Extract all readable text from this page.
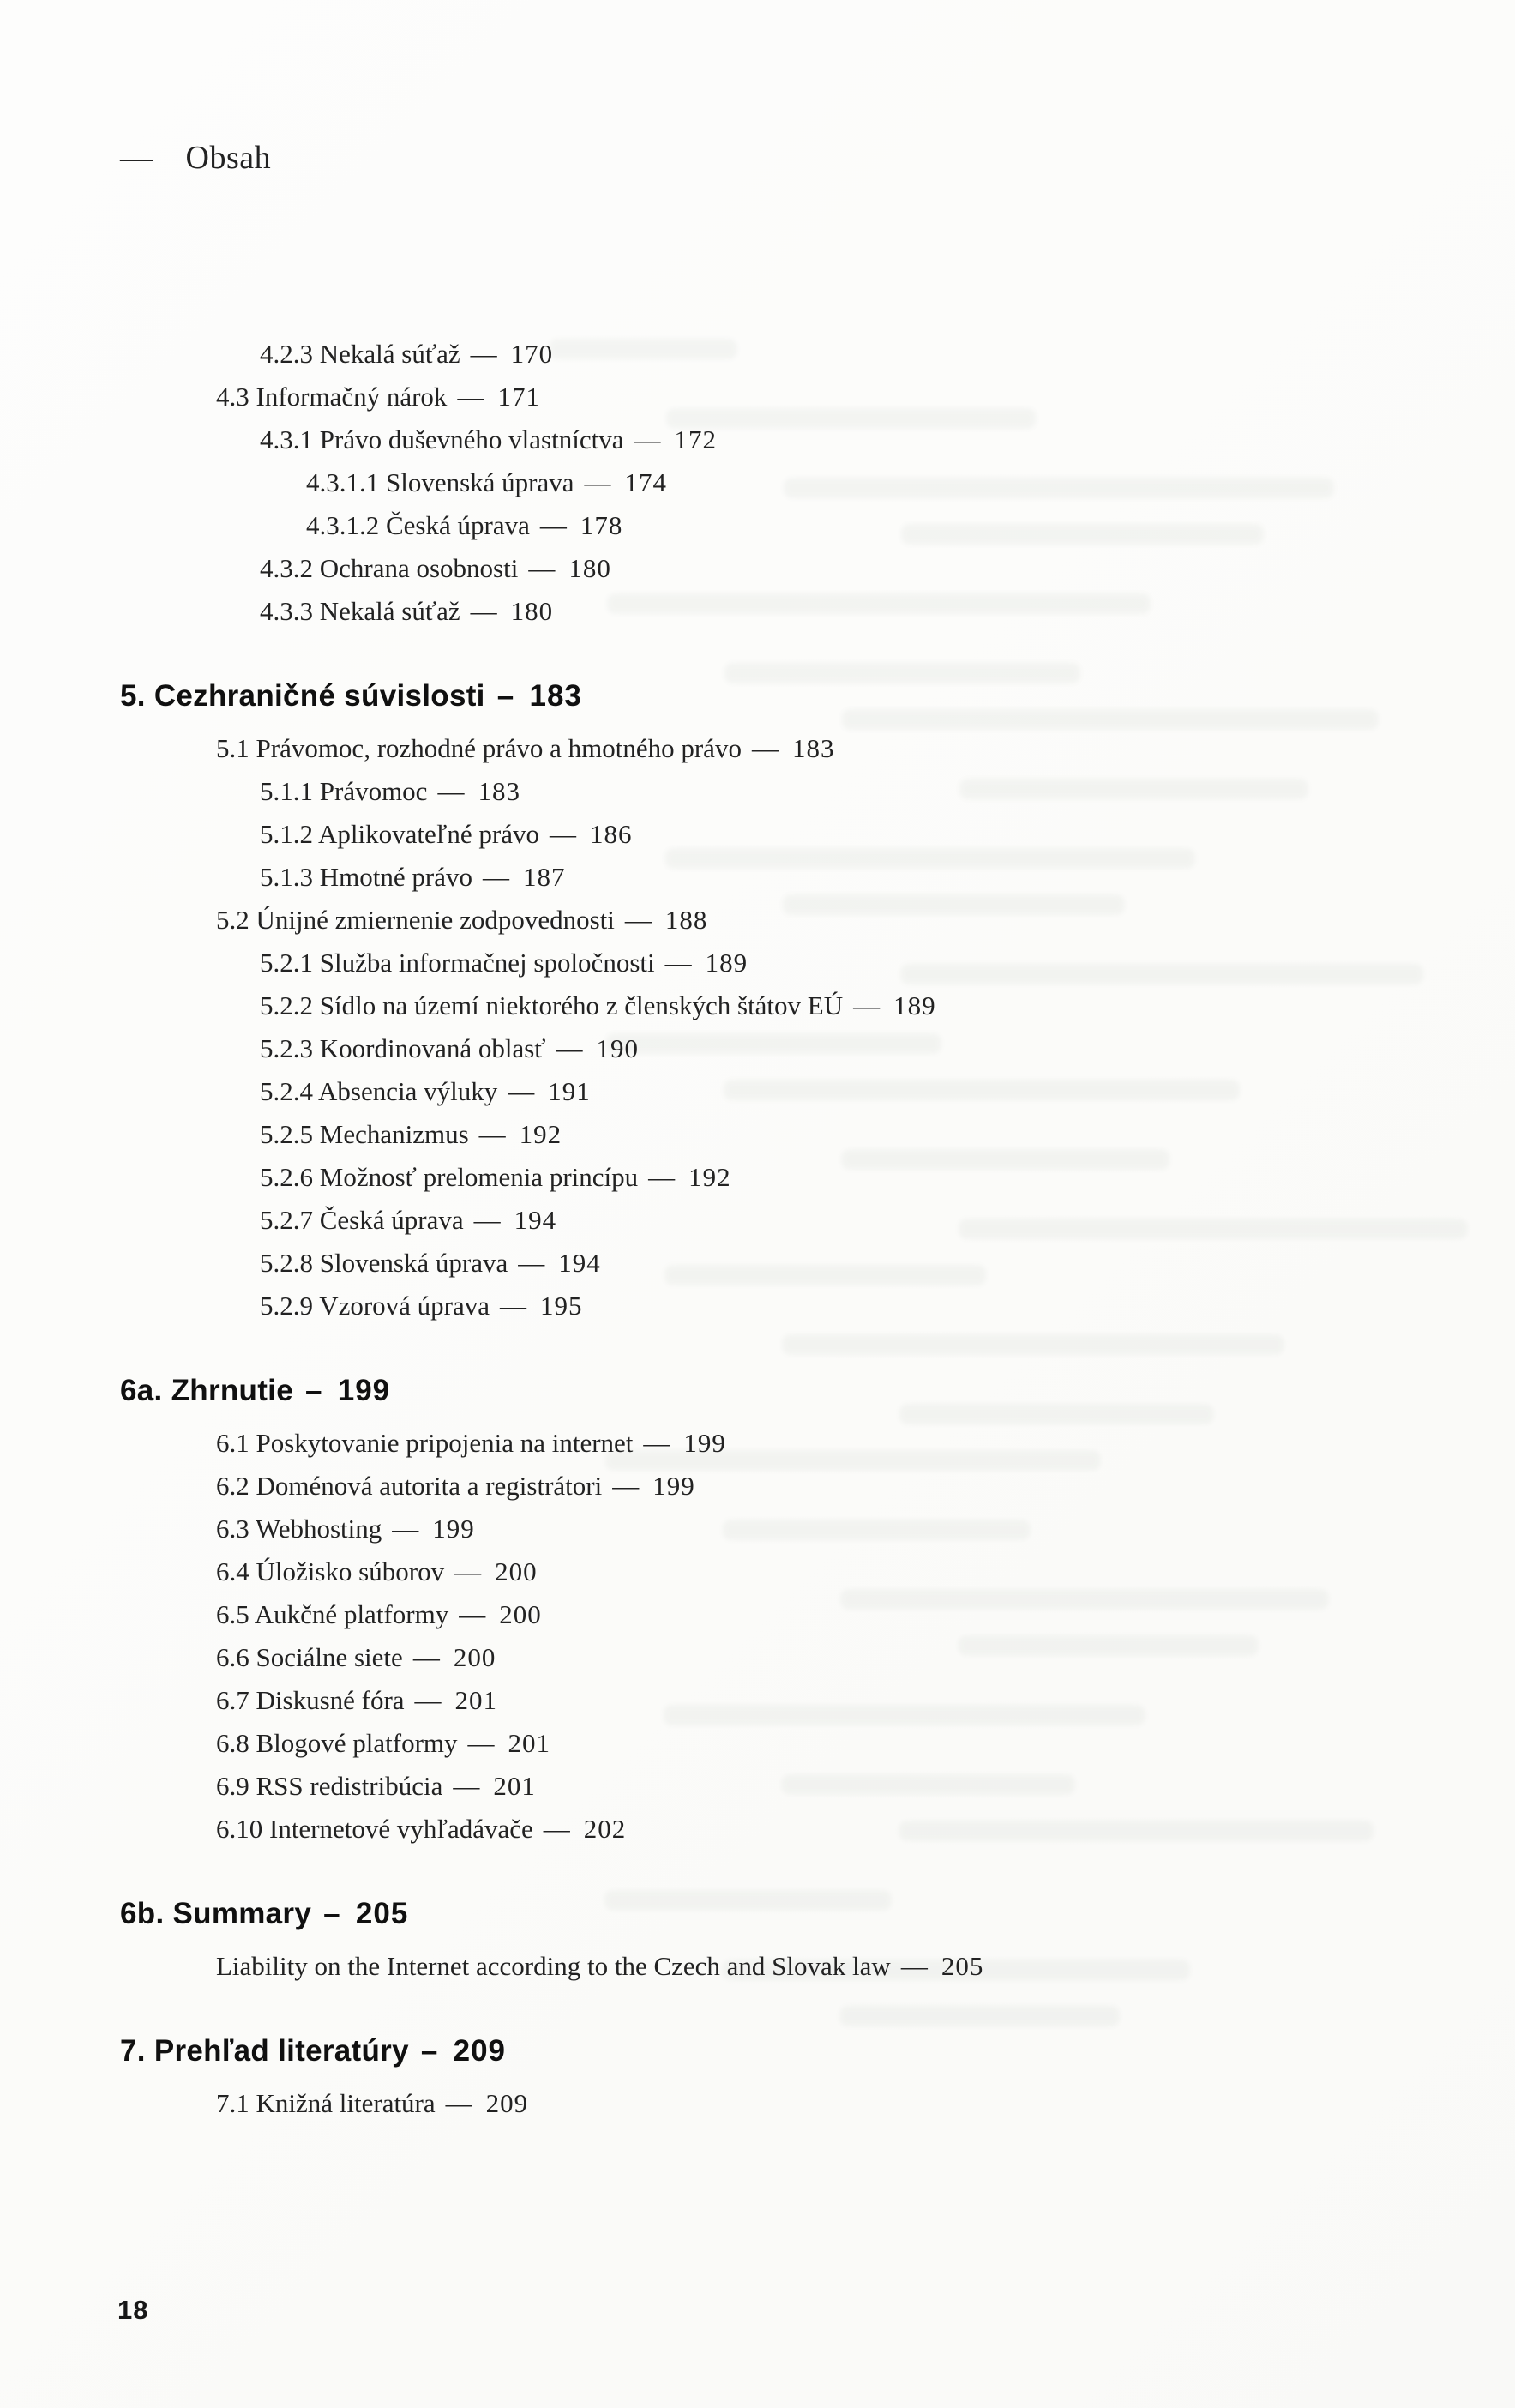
— Obsah
4.2.3 Nekalá súťaž — 170
4.3 Informačný nárok — 171
4.3.1 Právo duševného vlastníctva — 172
4.3.1.1 Slovenská úprava — 174
4.3.1.2 Česká úprava — 178
4.3.2 Ochrana osobnosti — 180
4.3.3 Nekalá súťaž — 180
5. Cezhraničné súvislosti – 183
5.1 Právomoc, rozhodné právo a hmotného právo — 183
5.1.1 Právomoc — 183
5.1.2 Aplikovateľné právo — 186
5.1.3 Hmotné právo — 187
5.2 Únijné zmiernenie zodpovednosti — 188
5.2.1 Služba informačnej spoločnosti — 189
5.2.2 Sídlo na území niektorého z členských štátov EÚ — 189
5.2.3 Koordinovaná oblasť — 190
5.2.4 Absencia výluky — 191
5.2.5 Mechanizmus — 192
5.2.6 Možnosť prelomenia princípu — 192
5.2.7 Česká úprava — 194
5.2.8 Slovenská úprava — 194
5.2.9 Vzorová úprava — 195
6a. Zhrnutie – 199
6.1 Poskytovanie pripojenia na internet — 199
6.2 Doménová autorita a registrátori — 199
6.3 Webhosting — 199
6.4 Úložisko súborov — 200
6.5 Aukčné platformy — 200
6.6 Sociálne siete — 200
6.7 Diskusné fóra — 201
6.8 Blogové platformy — 201
6.9 RSS redistribúcia — 201
6.10 Internetové vyhľadávače — 202
6b. Summary – 205
Liability on the Internet according to the Czech and Slovak law — 205
7. Prehľad literatúry – 209
7.1 Knižná literatúra — 209
18
